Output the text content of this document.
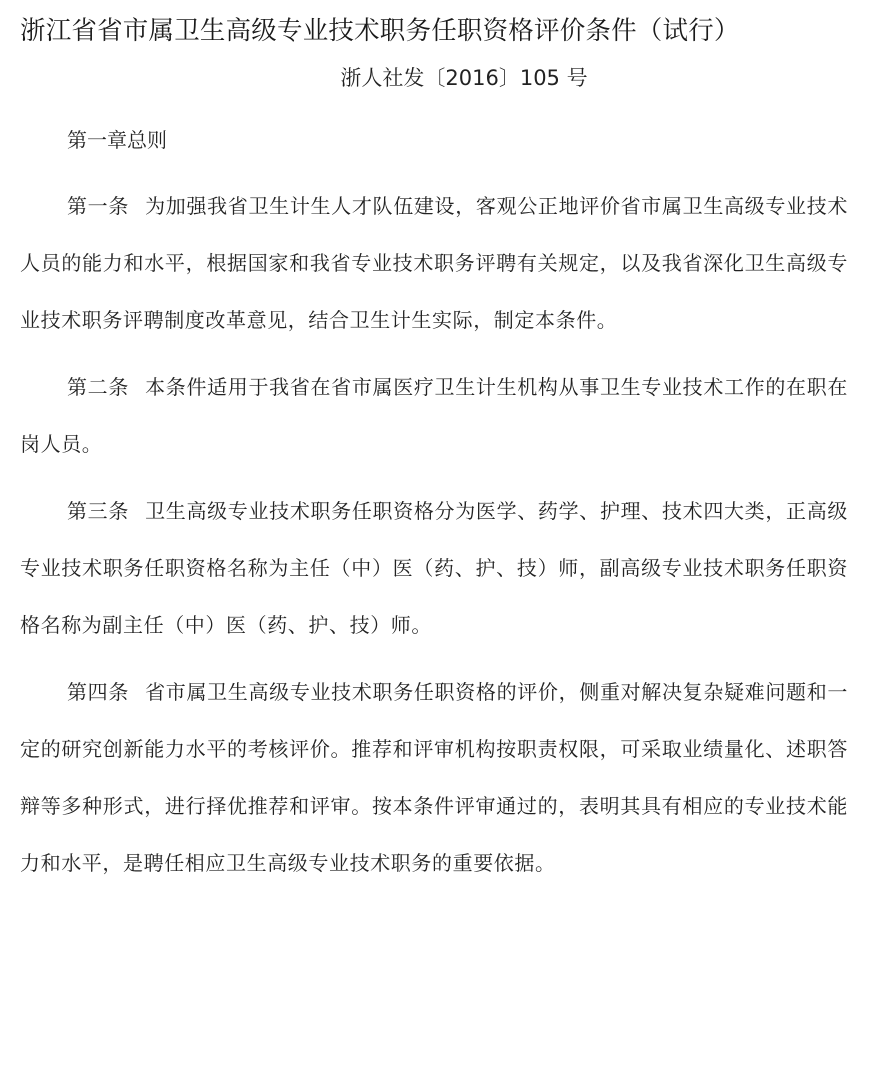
浙江省省市属卫生高级专业技术职务任职资格评价条件（试行）
浙人社发〔2016〕105 号
第一章总则

第一条 为加强我省卫生计生人才队伍建设，客观公正地评价省市属卫生高级专业技术人员的能力和水平，根据国家和我省专业技术职务评聘有关规定，以及我省深化卫生高级专业技术职务评聘制度改革意见，结合卫生计生实际，制定本条件。

第二条 本条件适用于我省在省市属医疗卫生计生机构从事卫生专业技术工作的在职在岗人员。

第三条 卫生高级专业技术职务任职资格分为医学、药学、护理、技术四大类，正高级专业技术职务任职资格名称为主任（中）医（药、护、技）师，副高级专业技术职务任职资格名称为副主任（中）医（药、护、技）师。

第四条 省市属卫生高级专业技术职务任职资格的评价，侧重对解决复杂疑难问题和一定的研究创新能力水平的考核评价。推荐和评审机构按职责权限，可采取业绩量化、述职答辩等多种形式，进行择优推荐和评审。按本条件评审通过的，表明其具有相应的专业技术能力和水平，是聘任相应卫生高级专业技术职务的重要依据。
